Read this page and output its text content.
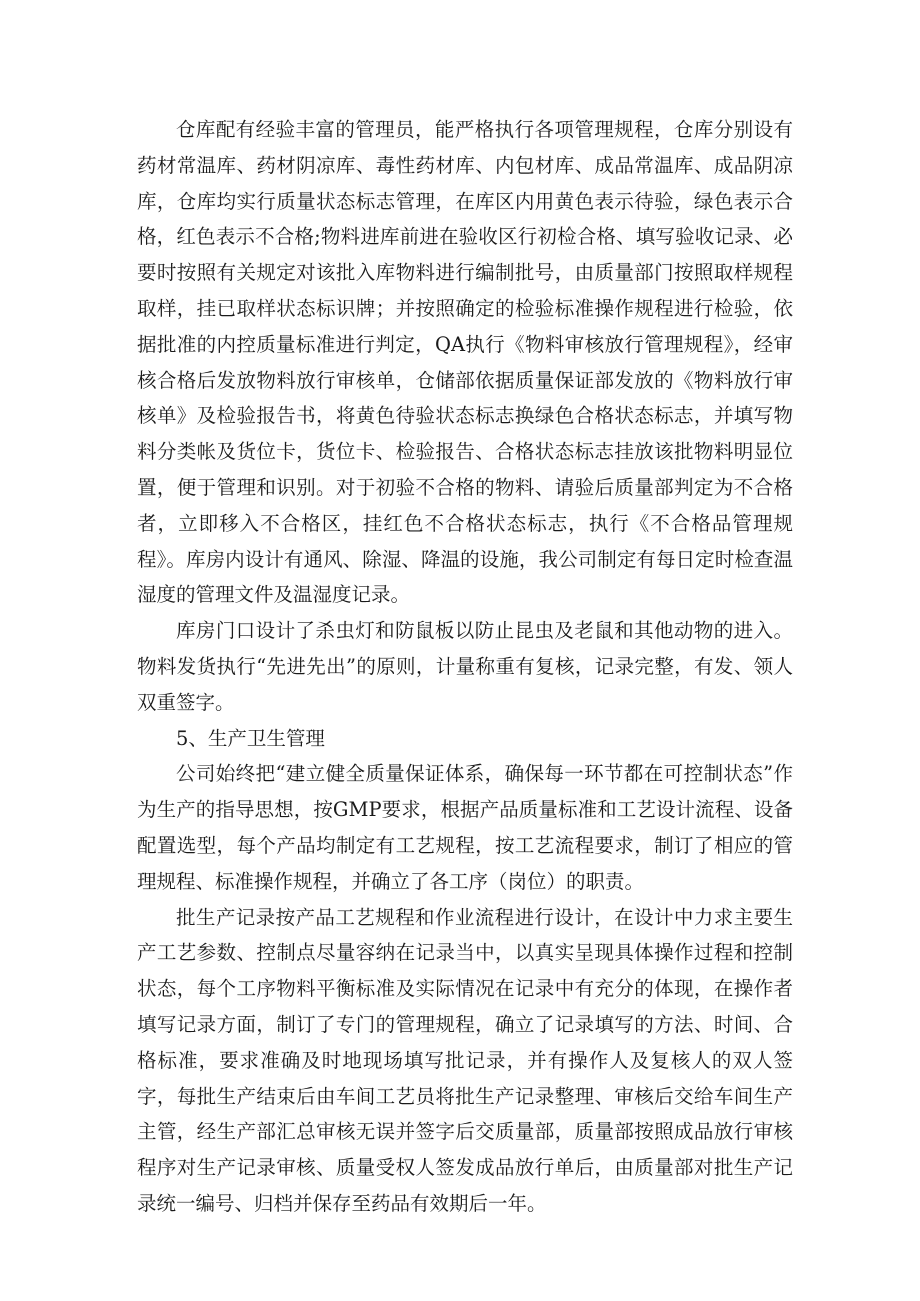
仓库配有经验丰富的管理员，能严格执行各项管理规程，仓库分别设有药材常温库、药材阴凉库、毒性药材库、内包材库、成品常温库、成品阴凉库，仓库均实行质量状态标志管理，在库区内用黄色表示待验，绿色表示合格，红色表示不合格;物料进库前进在验收区行初检合格、填写验收记录、必要时按照有关规定对该批入库物料进行编制批号，由质量部门按照取样规程取样，挂已取样状态标识牌；并按照确定的检验标准操作规程进行检验，依据批准的内控质量标准进行判定，QA执行《物料审核放行管理规程》，经审核合格后发放物料放行审核单，仓储部依据质量保证部发放的《物料放行审核单》及检验报告书，将黄色待验状态标志换绿色合格状态标志，并填写物料分类帐及货位卡，货位卡、检验报告、合格状态标志挂放该批物料明显位置，便于管理和识别。对于初验不合格的物料、请验后质量部判定为不合格者，立即移入不合格区，挂红色不合格状态标志，执行《不合格品管理规程》。库房内设计有通风、除湿、降温的设施，我公司制定有每日定时检查温湿度的管理文件及温湿度记录。

库房门口设计了杀虫灯和防鼠板以防止昆虫及老鼠和其他动物的进入。物料发货执行“先进先出”的原则，计量称重有复核，记录完整，有发、领人双重签字。

5、生产卫生管理

公司始终把“建立健全质量保证体系，确保每一环节都在可控制状态”作为生产的指导思想，按GMP要求，根据产品质量标准和工艺设计流程、设备配置选型，每个产品均制定有工艺规程，按工艺流程要求，制订了相应的管理规程、标准操作规程，并确立了各工序（岗位）的职责。

批生产记录按产品工艺规程和作业流程进行设计，在设计中力求主要生产工艺参数、控制点尽量容纳在记录当中，以真实呈现具体操作过程和控制状态，每个工序物料平衡标准及实际情况在记录中有充分的体现，在操作者填写记录方面，制订了专门的管理规程，确立了记录填写的方法、时间、合格标准，要求准确及时地现场填写批记录，并有操作人及复核人的双人签字，每批生产结束后由车间工艺员将批生产记录整理、审核后交给车间生产主管，经生产部汇总审核无误并签字后交质量部，质量部按照成品放行审核程序对生产记录审核、质量受权人签发成品放行单后，由质量部对批生产记录统一编号、归档并保存至药品有效期后一年。
